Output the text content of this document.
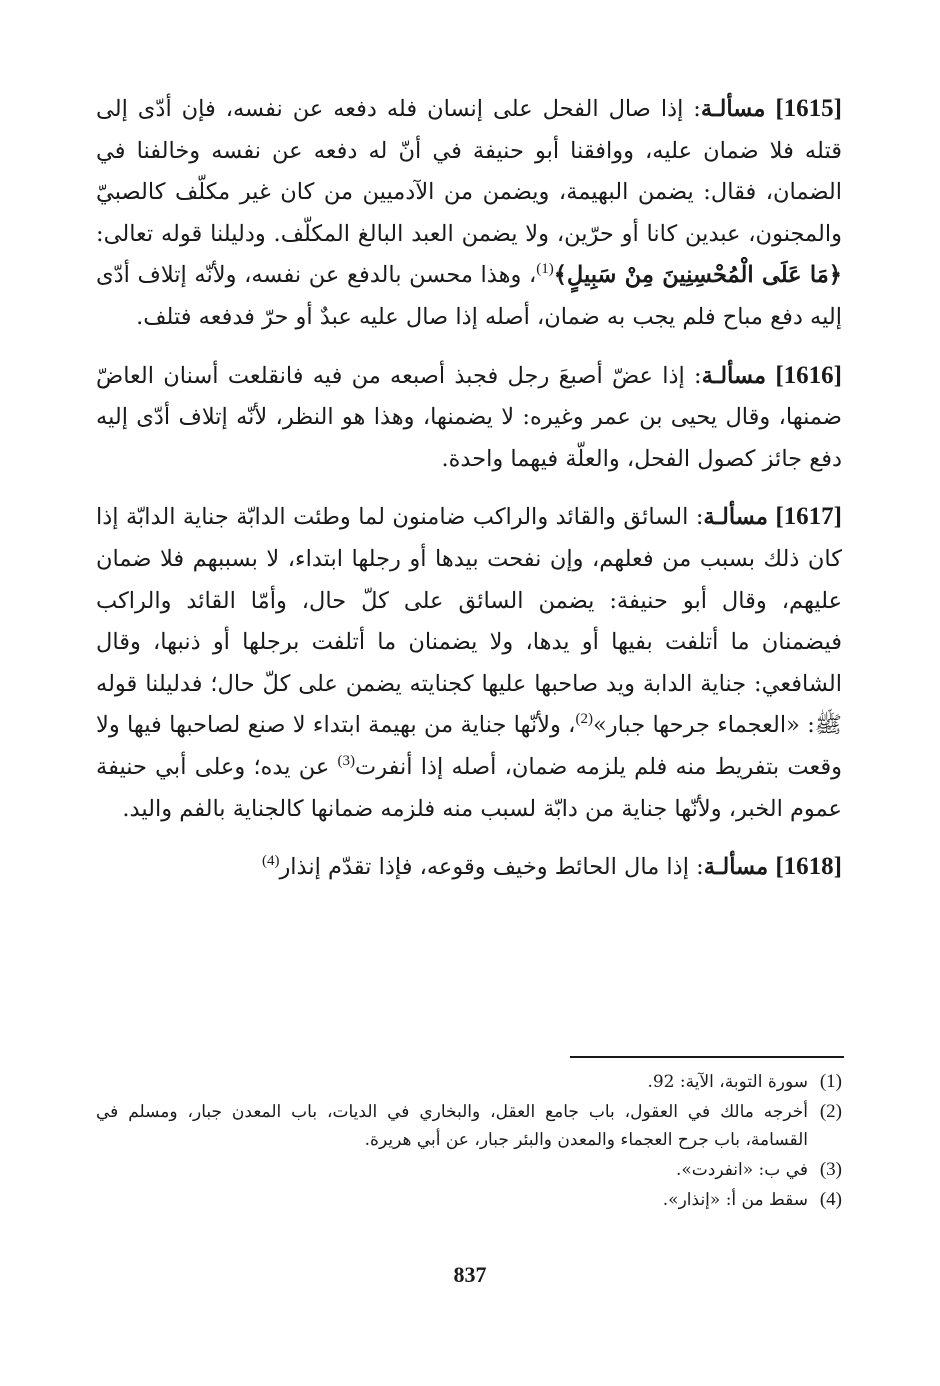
[1615] مسألـة: إذا صال الفحل على إنسان فله دفعه عن نفسه، فإن أدّى إلى قتله فلا ضمان عليه، ووافقنا أبو حنيفة في أنّ له دفعه عن نفسه وخالفنا في الضمان، فقال: يضمن البهيمة، ويضمن من الآدميين من كان غير مكلّف كالصبيّ والمجنون، عبدين كانا أو حرّين، ولا يضمن العبد البالغ المكلّف. ودليلنا قوله تعالى: ﴿مَا عَلَى الْمُحْسِنِينَ مِنْ سَبِيلٍ﴾$^{(1)}$، وهذا محسن بالدفع عن نفسه، ولأنّه إتلاف أدّى إليه دفع مباح فلم يجب به ضمان، أصله إذا صال عليه عبدٌ أو حرّ فدفعه فتلف.

[1616] مسألـة: إذا عضّ أصبعَ رجل فجبذ أصبعه من فيه فانقلعت أسنان العاضّ ضمنها، وقال يحيى بن عمر وغيره: لا يضمنها، وهذا هو النظر، لأنّه إتلاف أدّى إليه دفع جائز كصول الفحل، والعلّة فيهما واحدة.

[1617] مسألـة: السائق والقائد والراكب ضامنون لما وطئت الدابّة جناية الدابّة إذا كان ذلك بسبب من فعلهم، وإن نفحت بيدها أو رجلها ابتداء، لا بسببهم فلا ضمان عليهم، وقال أبو حنيفة: يضمن السائق على كلّ حال، وأمّا القائد والراكب فيضمنان ما أتلفت بفيها أو يدها، ولا يضمنان ما أتلفت برجلها أو ذنبها، وقال الشافعي: جناية الدابة ويد صاحبها عليها كجنايته يضمن على كلّ حال؛ فدليلنا قوله ﷺ: «العجماء جرحها جبار»$^{(2)}$، ولأنّها جناية من بهيمة ابتداء لا صنع لصاحبها فيها ولا وقعت بتفريط منه فلم يلزمه ضمان، أصله إذا أنفرت$^{(3)}$ عن يده؛ وعلى أبي حنيفة عموم الخبر، ولأنّها جناية من دابّة لسبب منه فلزمه ضمانها كالجناية بالفم واليد.

[1618] مسألـة: إذا مال الحائط وخيف وقوعه، فإذا تقدّم إنذار$^{(4)}$

(1)
سورة التوبة، الآية: 92.
(2)
أخرجه مالك في العقول، باب جامع العقل، والبخاري في الديات، باب المعدن جبار، ومسلم في القسامة، باب جرح العجماء والمعدن والبئر جبار، عن أبي هريرة.
(3)
في ب: «انفردت».
(4)
سقط من أ: «إنذار».
837
